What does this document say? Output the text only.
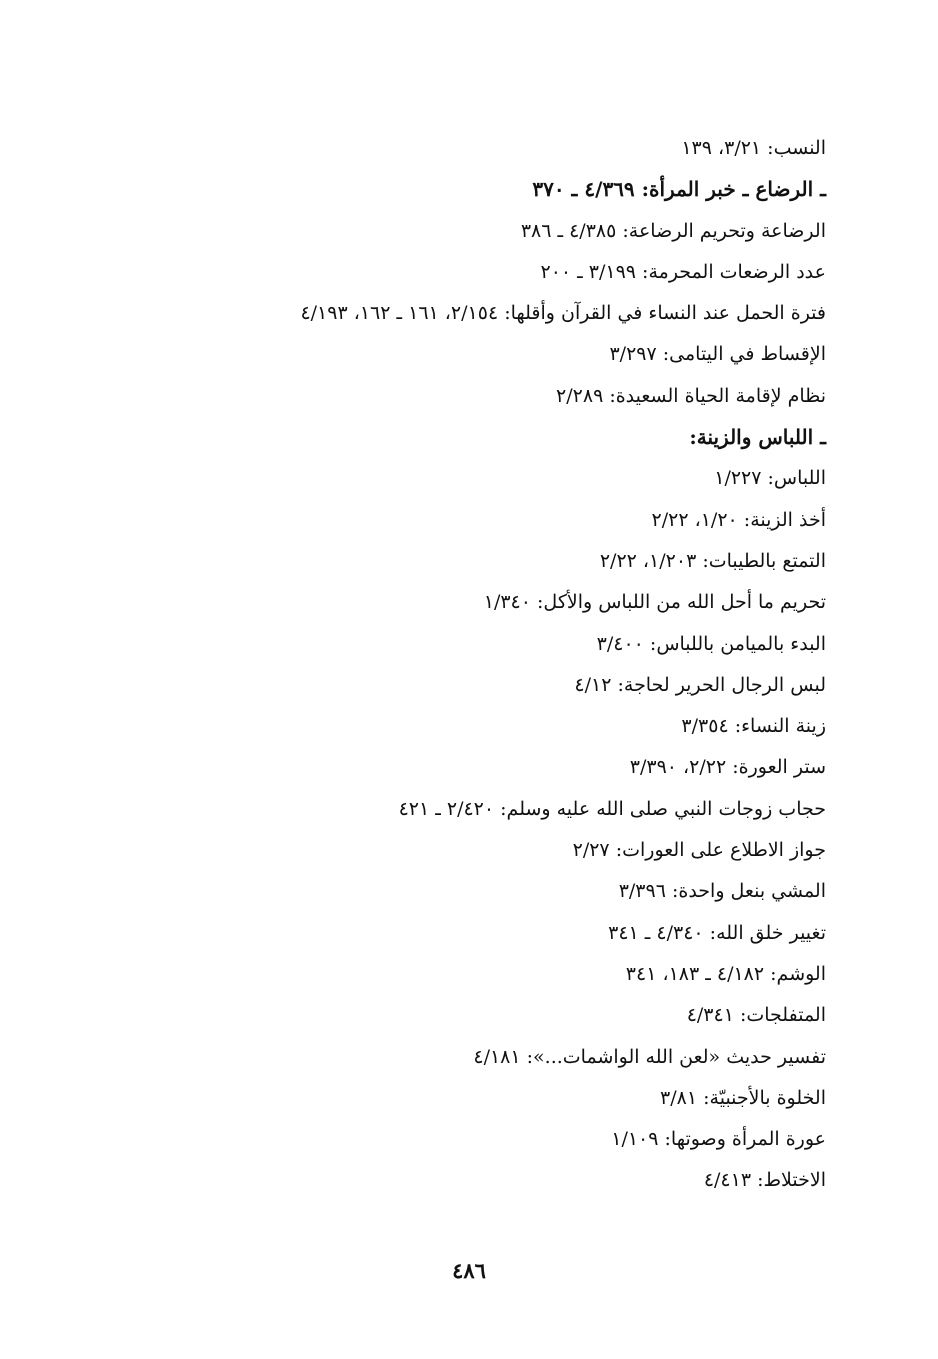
النسب: ٣/٢١، ١٣٩
ـ الرضاع ـ خبر المرأة: ٤/٣٦٩ ـ ٣٧٠
الرضاعة وتحريم الرضاعة: ٤/٣٨٥ ـ ٣٨٦
عدد الرضعات المحرمة: ٣/١٩٩ ـ ٢٠٠
فترة الحمل عند النساء في القرآن وأقلها: ٢/١٥٤، ١٦١ ـ ١٦٢، ٤/١٩٣
الإقساط في اليتامى: ٣/٢٩٧
نظام لإقامة الحياة السعيدة: ٢/٢٨٩
ـ اللباس والزينة:
اللباس: ١/٢٢٧
أخذ الزينة: ١/٢٠، ٢/٢٢
التمتع بالطيبات: ١/٢٠٣، ٢/٢٢
تحريم ما أحل الله من اللباس والأكل: ١/٣٤٠
البدء بالميامن باللباس: ٣/٤٠٠
لبس الرجال الحرير لحاجة: ٤/١٢
زينة النساء: ٣/٣٥٤
ستر العورة: ٢/٢٢، ٣/٣٩٠
حجاب زوجات النبي صلى الله عليه وسلم: ٢/٤٢٠ ـ ٤٢١
جواز الاطلاع على العورات: ٢/٢٧
المشي بنعل واحدة: ٣/٣٩٦
تغيير خلق الله: ٤/٣٤٠ ـ ٣٤١
الوشم: ٤/١٨٢ ـ ١٨٣، ٣٤١
المتفلجات: ٤/٣٤١
تفسير حديث «لعن الله الواشمات...»: ٤/١٨١
الخلوة بالأجنبيّة: ٣/٨١
عورة المرأة وصوتها: ١/١٠٩
الاختلاط: ٤/٤١٣
٤٨٦
